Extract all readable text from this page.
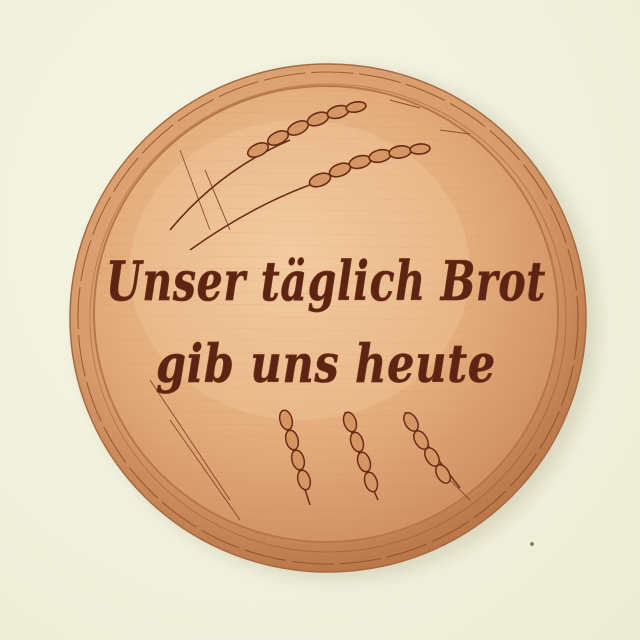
Unser täglich Brot
gib uns heute
